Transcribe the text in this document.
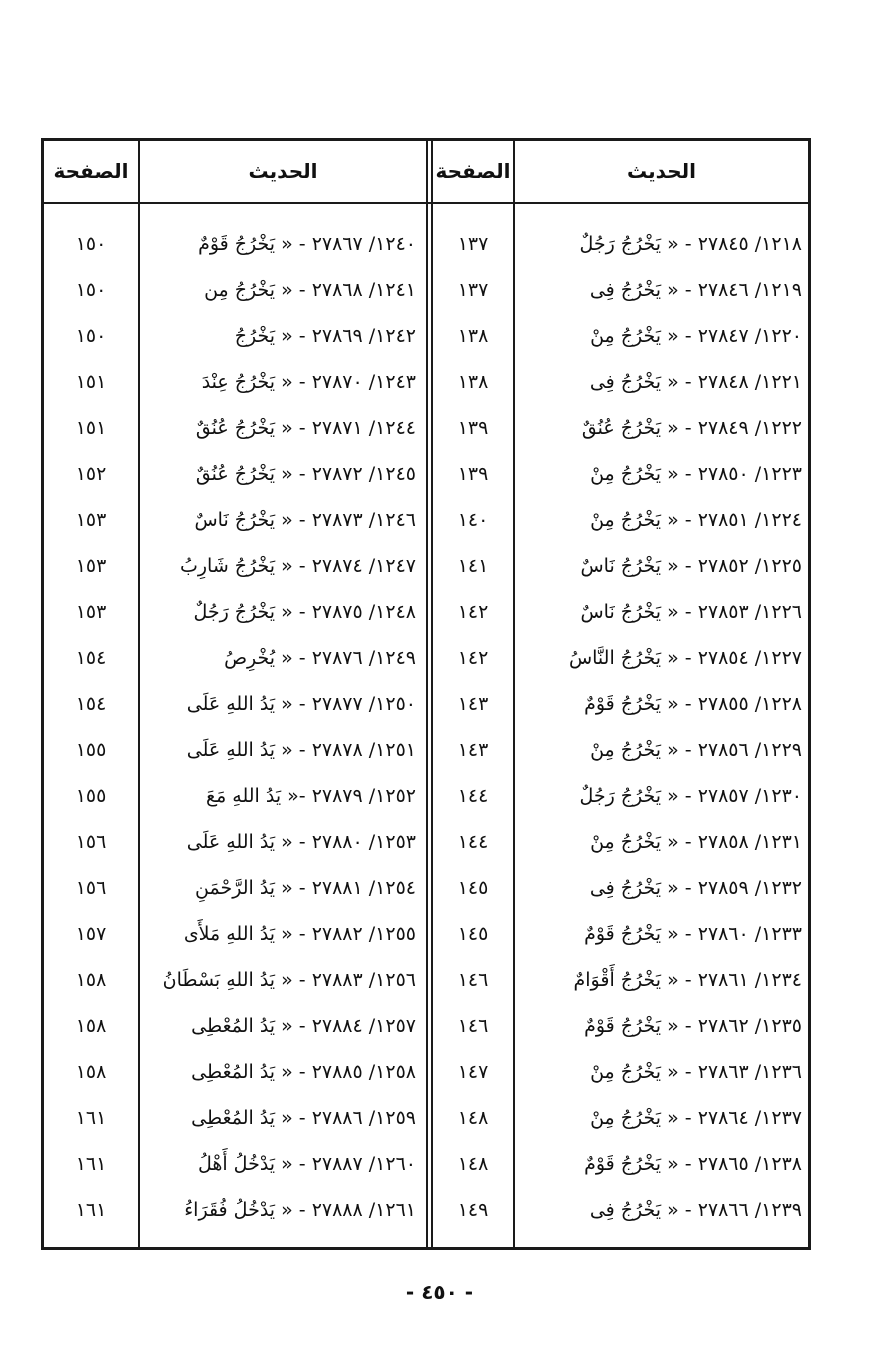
الصفحة	الحديث	الصفحة	الحديث
١٥٠	١٢٤٠/ ٢٧٨٦٧ - « يَخْرُجُ قَوْمٌ	١٣٧	١٢١٨/ ٢٧٨٤٥ - « يَخْرُجُ رَجُلٌ
١٥٠	١٢٤١/ ٢٧٨٦٨ - « يَخْرُجُ مِن	١٣٧	١٢١٩/ ٢٧٨٤٦ - « يَخْرُجُ فِى
١٥٠	١٢٤٢/ ٢٧٨٦٩ - « يَخْرُجُ	١٣٨	١٢٢٠/ ٢٧٨٤٧ - « يَخْرُجُ مِنْ
١٥١	١٢٤٣/ ٢٧٨٧٠ - « يَخْرُجُ عِنْدَ	١٣٨	١٢٢١/ ٢٧٨٤٨ - « يَخْرُجُ فِى
١٥١	١٢٤٤/ ٢٧٨٧١ - « يَخْرُجُ عُنُقٌ	١٣٩	١٢٢٢/ ٢٧٨٤٩ - « يَخْرُجُ عُنُقٌ
١٥٢	١٢٤٥/ ٢٧٨٧٢ - « يَخْرُجُ عُنُقٌ	١٣٩	١٢٢٣/ ٢٧٨٥٠ - « يَخْرُجُ مِنْ
١٥٣	١٢٤٦/ ٢٧٨٧٣ - « يَخْرُجُ نَاسٌ	١٤٠	١٢٢٤/ ٢٧٨٥١ - « يَخْرُجُ مِنْ
١٥٣	١٢٤٧/ ٢٧٨٧٤ - « يَخْرُجُ شَارِبُ	١٤١	١٢٢٥/ ٢٧٨٥٢ - « يَخْرُجُ نَاسٌ
١٥٣	١٢٤٨/ ٢٧٨٧٥ - « يَخْرُجُ رَجُلٌ	١٤٢	١٢٢٦/ ٢٧٨٥٣ - « يَخْرُجُ نَاسٌ
١٥٤	١٢٤٩/ ٢٧٨٧٦ - « يُخْرِصُ	١٤٢	١٢٢٧/ ٢٧٨٥٤ - « يَخْرُجُ النَّاسُ
١٥٤	١٢٥٠/ ٢٧٨٧٧ - « يَدُ اللهِ عَلَى	١٤٣	١٢٢٨/ ٢٧٨٥٥ - « يَخْرُجُ قَوْمٌ
١٥٥	١٢٥١/ ٢٧٨٧٨ - « يَدُ اللهِ عَلَى	١٤٣	١٢٢٩/ ٢٧٨٥٦ - « يَخْرُجُ مِنْ
١٥٥	١٢٥٢/ ٢٧٨٧٩ -« يَدُ اللهِ مَعَ	١٤٤	١٢٣٠/ ٢٧٨٥٧ - « يَخْرُجُ رَجُلٌ
١٥٦	١٢٥٣/ ٢٧٨٨٠ - « يَدُ اللهِ عَلَى	١٤٤	١٢٣١/ ٢٧٨٥٨ - « يَخْرُجُ مِنْ
١٥٦	١٢٥٤/ ٢٧٨٨١ - « يَدُ الرَّحْمَنِ	١٤٥	١٢٣٢/ ٢٧٨٥٩ - « يَخْرُجُ فِى
١٥٧	١٢٥٥/ ٢٧٨٨٢ - « يَدُ اللهِ مَلأَى	١٤٥	١٢٣٣/ ٢٧٨٦٠ - « يَخْرُجُ قَوْمٌ
١٥٨	١٢٥٦/ ٢٧٨٨٣ - « يَدُ اللهِ بَسْطَانُ	١٤٦	١٢٣٤/ ٢٧٨٦١ - « يَخْرُجُ أَقْوَامٌ
١٥٨	١٢٥٧/ ٢٧٨٨٤ - « يَدُ المُعْطِى	١٤٦	١٢٣٥/ ٢٧٨٦٢ - « يَخْرُجُ قَوْمٌ
١٥٨	١٢٥٨/ ٢٧٨٨٥ - « يَدُ المُعْطِى	١٤٧	١٢٣٦/ ٢٧٨٦٣ - « يَخْرُجُ مِنْ
١٦١	١٢٥٩/ ٢٧٨٨٦ - « يَدُ المُعْطِى	١٤٨	١٢٣٧/ ٢٧٨٦٤ - « يَخْرُجُ مِنْ
١٦١	١٢٦٠/ ٢٧٨٨٧ - « يَدْخُلُ أَهْلُ	١٤٨	١٢٣٨/ ٢٧٨٦٥ - « يَخْرُجُ قَوْمٌ
١٦١	١٢٦١/ ٢٧٨٨٨ - « يَدْخُلُ فُقَرَاءُ	١٤٩	١٢٣٩/ ٢٧٨٦٦ - « يَخْرُجُ فِى
- ٤٥٠ -
